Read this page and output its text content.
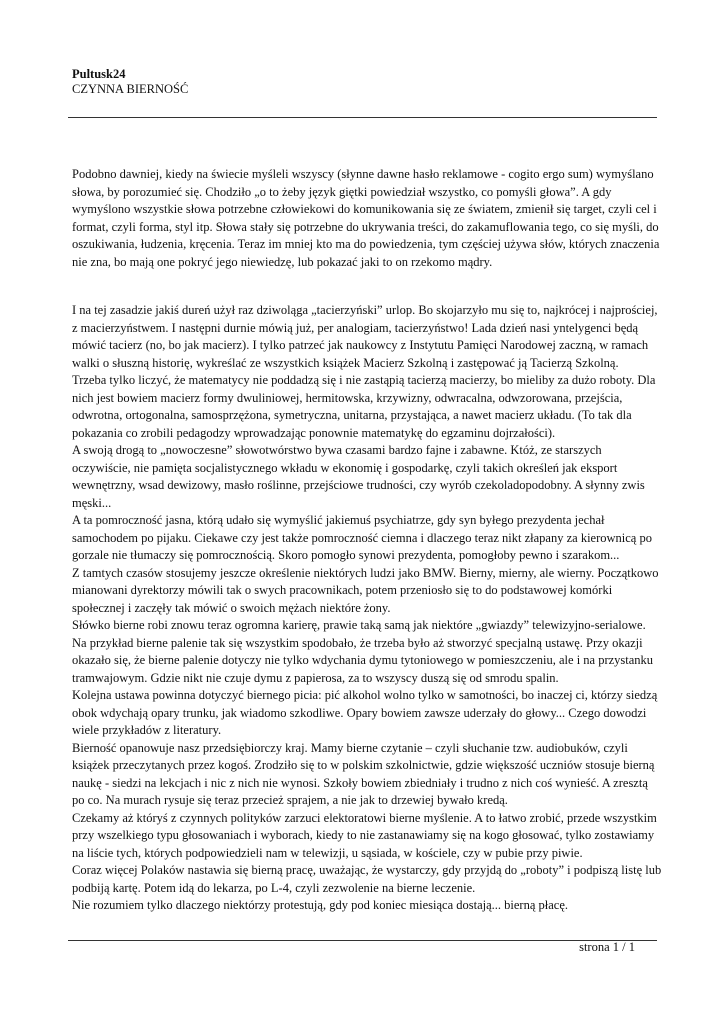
Pultusk24
CZYNNA BIERNOŚĆ

Podobno dawniej, kiedy na świecie myśleli wszyscy (słynne dawne hasło reklamowe - cogito ergo sum) wymyślano słowa, by porozumieć się. Chodziło „o to żeby język giętki powiedział wszystko, co pomyśli głowa”. A gdy wymyślono wszystkie słowa potrzebne człowiekowi do komunikowania się ze światem, zmienił się target, czyli cel i format, czyli forma, styl itp. Słowa stały się potrzebne do ukrywania treści, do zakamuflowania tego, co się myśli, do oszukiwania, łudzenia, kręcenia. Teraz im mniej kto ma do powiedzenia, tym częściej używa słów, których znaczenia nie zna, bo mają one pokryć jego niewiedzę, lub pokazać jaki to on rzekomo mądry.

I na tej zasadzie jakiś dureń użył raz dziwoląga „tacierzyński” urlop. Bo skojarzyło mu się to, najkrócej i najprościej, z macierzyństwem. I następni durnie mówią już, per analogiam, tacierzyństwo! Lada dzień nasi yntelygenci będą mówić tacierz (no, bo jak macierz). I tylko patrzeć jak naukowcy z Instytutu Pamięci Narodowej zaczną, w ramach walki o słuszną historię, wykreślać ze wszystkich książek Macierz Szkolną i zastępować ją Tacierzą Szkolną.

Trzeba tylko liczyć, że matematycy nie poddadzą się i nie zastąpią tacierzą macierzy, bo mieliby za dużo roboty. Dla nich jest bowiem macierz formy dwuliniowej, hermitowska, krzywizny, odwracalna, odwzorowana, przejścia, odwrotna, ortogonalna, samosprzężona, symetryczna, unitarna, przystająca, a nawet macierz układu. (To tak dla pokazania co zrobili pedagodzy wprowadzając ponownie matematykę do egzaminu dojrzałości).

A swoją drogą to „nowoczesne” słowotwórstwo bywa czasami bardzo fajne i zabawne. Któż, ze starszych oczywiście, nie pamięta socjalistycznego wkładu w ekonomię i gospodarkę, czyli takich określeń jak eksport wewnętrzny, wsad dewizowy, masło roślinne, przejściowe trudności, czy wyrób czekoladopodobny. A słynny zwis męski...

A ta pomroczność jasna, którą udało się wymyślić jakiemuś psychiatrze, gdy syn byłego prezydenta jechał samochodem po pijaku. Ciekawe czy jest także pomroczność ciemna i dlaczego teraz nikt złapany za kierownicą po gorzale nie tłumaczy się pomrocznością. Skoro pomogło synowi prezydenta, pomogłoby pewno i szarakom...

Z tamtych czasów stosujemy jeszcze określenie niektórych ludzi jako BMW. Bierny, mierny, ale wierny. Początkowo mianowani dyrektorzy mówili tak o swych pracownikach, potem przeniosło się to do podstawowej komórki społecznej i zaczęły tak mówić o swoich mężach niektóre żony.

Słówko bierne robi znowu teraz ogromna karierę, prawie taką samą jak niektóre „gwiazdy” telewizyjno-serialowe. Na przykład bierne palenie tak się wszystkim spodobało, że trzeba było aż stworzyć specjalną ustawę. Przy okazji okazało się, że bierne palenie dotyczy nie tylko wdychania dymu tytoniowego w pomieszczeniu, ale i na przystanku tramwajowym. Gdzie nikt nie czuje dymu z papierosa, za to wszyscy duszą się od smrodu spalin.

Kolejna ustawa powinna dotyczyć biernego picia: pić alkohol wolno tylko w samotności, bo inaczej ci, którzy siedzą obok wdychają opary trunku, jak wiadomo szkodliwe. Opary bowiem zawsze uderzały do głowy... Czego dowodzi wiele przykładów z literatury.

Bierność opanowuje nasz przedsiębiorczy kraj. Mamy bierne czytanie – czyli słuchanie tzw. audiobuków, czyli książek przeczytanych przez kogoś. Zrodziło się to w polskim szkolnictwie, gdzie większość uczniów stosuje bierną naukę - siedzi na lekcjach i nic z nich nie wynosi. Szkoły bowiem zbiedniały i trudno z nich coś wynieść. A zresztą po co. Na murach rysuje się teraz przecież sprajem, a nie jak to drzewiej bywało kredą.

Czekamy aż któryś z czynnych polityków zarzuci elektoratowi bierne myślenie. A to łatwo zrobić, przede wszystkim przy wszelkiego typu głosowaniach i wyborach, kiedy to nie zastanawiamy się na kogo głosować, tylko zostawiamy na liście tych, których podpowiedzieli nam w telewizji, u sąsiada, w kościele, czy w pubie przy piwie.

Coraz więcej Polaków nastawia się bierną pracę, uważając, że wystarczy, gdy przyjdą do „roboty” i podpiszą listę lub podbiją kartę. Potem idą do lekarza, po L-4, czyli zezwolenie na bierne leczenie.

Nie rozumiem tylko dlaczego niektórzy protestują, gdy pod koniec miesiąca dostają... bierną płacę.

strona 1 / 1
